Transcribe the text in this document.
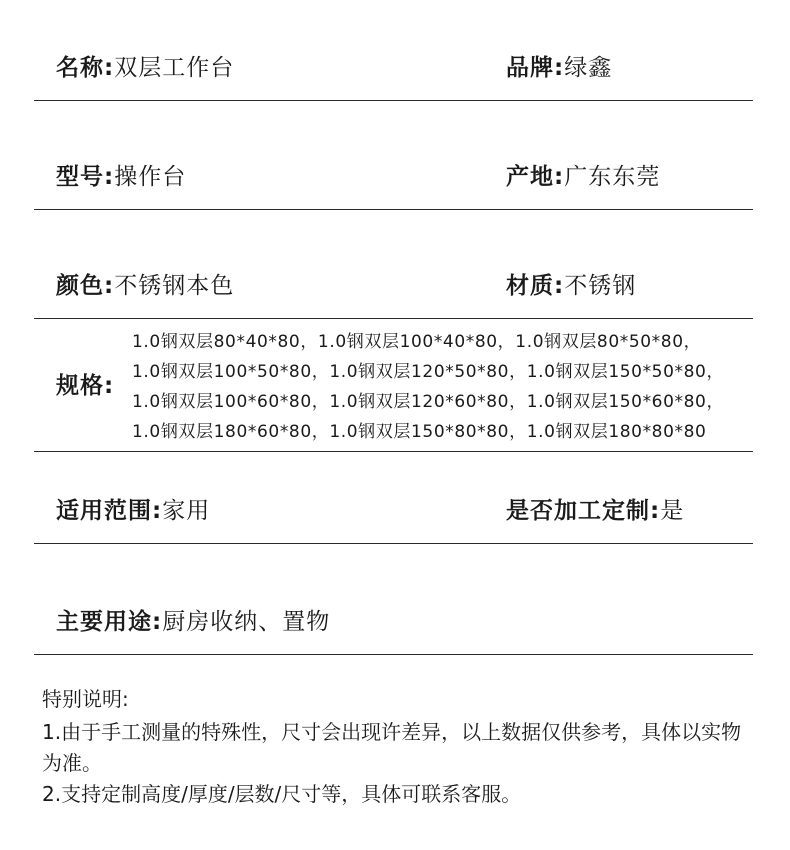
名称:双层工作台	品牌:绿鑫
型号:操作台	产地:广东东莞
颜色:不锈钢本色	材质:不锈钢
规格:
1.0钢双层80*40*80，1.0钢双层100*40*80，1.0钢双层80*50*80，
1.0钢双层100*50*80，1.0钢双层120*50*80，1.0钢双层150*50*80，
1.0钢双层100*60*80，1.0钢双层120*60*80，1.0钢双层150*60*80，
1.0钢双层180*60*80，1.0钢双层150*80*80，1.0钢双层180*80*80
适用范围:家用	是否加工定制:是
主要用途:厨房收纳、置物
特别说明:
1.由于手工测量的特殊性，尺寸会出现许差异，以上数据仅供参考，具体以实物为准。
2.支持定制高度/厚度/层数/尺寸等，具体可联系客服。
